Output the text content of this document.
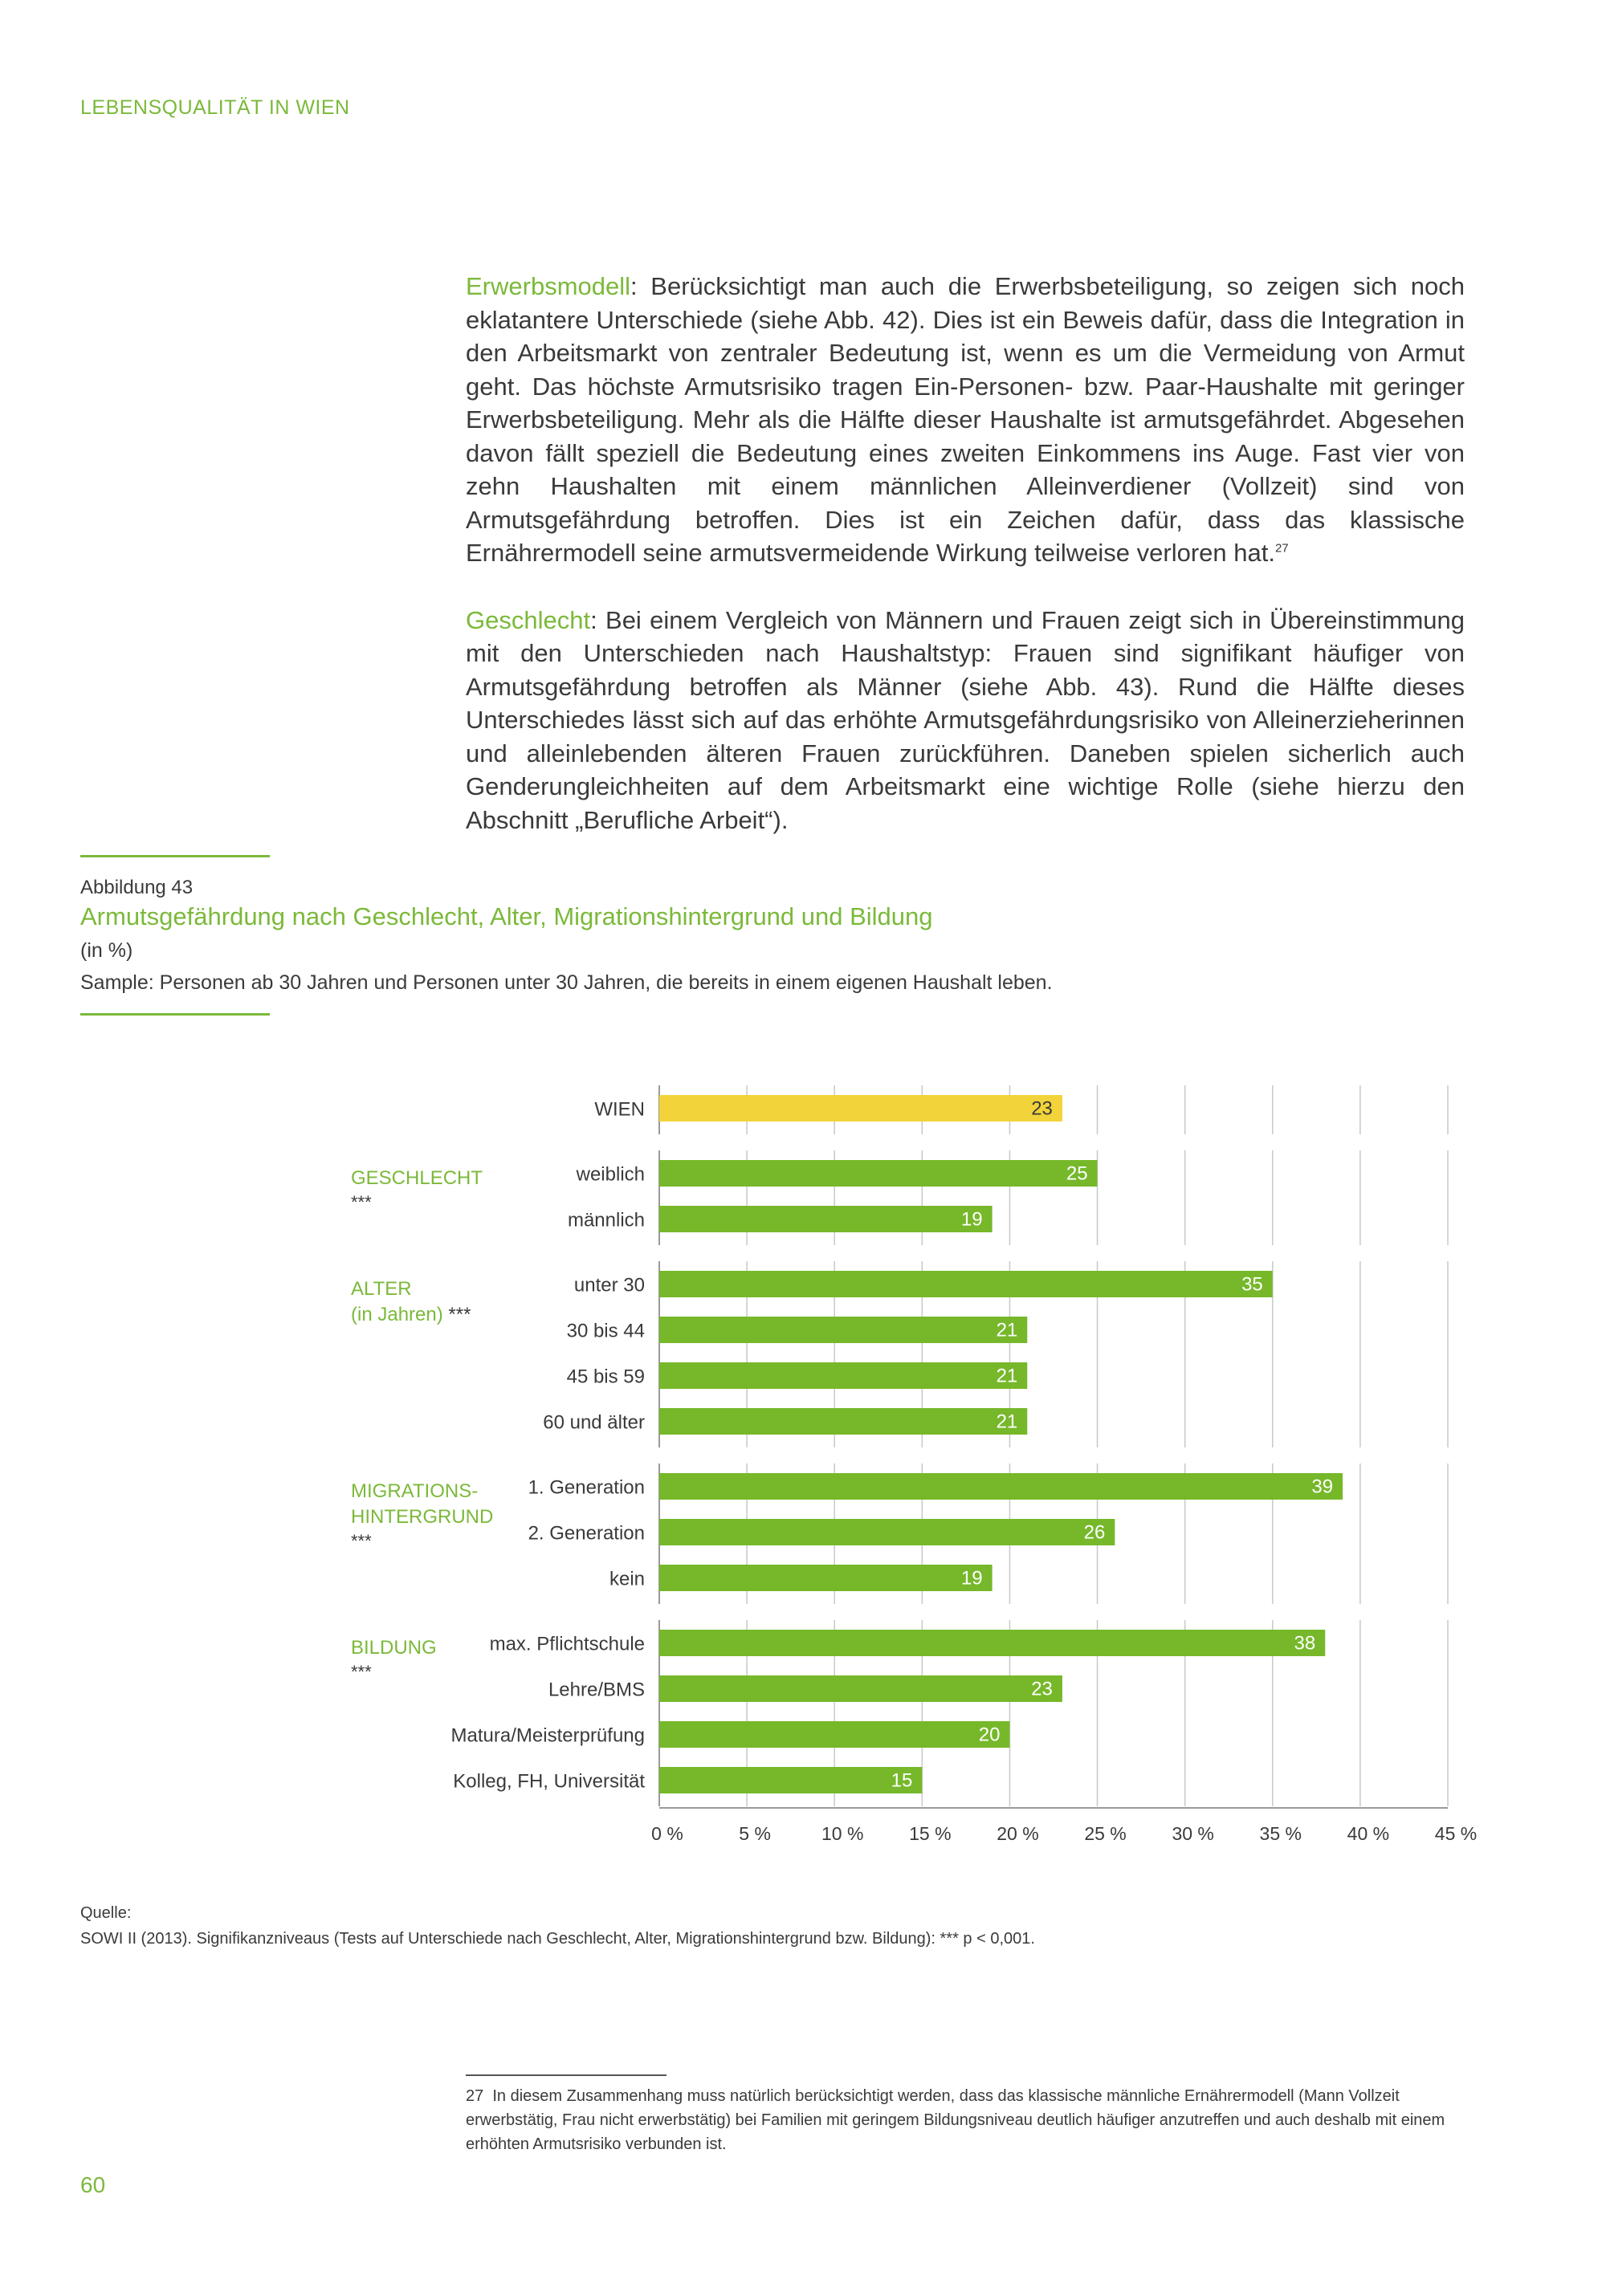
LEBENSQUALITÄT IN WIEN

Erwerbsmodell: Berücksichtigt man auch die Erwerbsbeteiligung, so zeigen sich noch eklatantere Unterschiede (siehe Abb. 42). Dies ist ein Beweis dafür, dass die Integration in den Arbeitsmarkt von zentraler Bedeutung ist, wenn es um die Vermeidung von Armut geht. Das höchste Armutsrisiko tragen Ein-Personen- bzw. Paar-Haushalte mit geringer Erwerbsbeteiligung. Mehr als die Hälfte dieser Haushalte ist armutsgefährdet. Abgesehen davon fällt speziell die Bedeutung eines zweiten Einkommens ins Auge. Fast vier von zehn Haushalten mit einem männlichen Alleinverdiener (Vollzeit) sind von Armutsgefährdung betroffen. Dies ist ein Zeichen dafür, dass das klassische Ernährermodell seine armutsvermeidende Wirkung teilweise verloren hat.$^{27}$

Geschlecht: Bei einem Vergleich von Männern und Frauen zeigt sich in Übereinstimmung mit den Unterschieden nach Haushaltstyp: Frauen sind signifikant häufiger von Armutsgefährdung betroffen als Männer (siehe Abb. 43). Rund die Hälfte dieses Unterschiedes lässt sich auf das erhöhte Armutsgefährdungsrisiko von Alleinerzieherinnen und alleinlebenden älteren Frauen zurückführen. Daneben spielen sicherlich auch Genderungleichheiten auf dem Arbeitsmarkt eine wichtige Rolle (siehe hierzu den Abschnitt „Berufliche Arbeit“).

Abbildung 43
Armutsgefährdung nach Geschlecht, Alter, Migrationshintergrund und Bildung
(in %)
Sample: Personen ab 30 Jahren und Personen unter 30 Jahren, die bereits in einem eigenen Haushalt leben.
23
WIEN
GESCHLECHT
***
25
weiblich
19
männlich
ALTER
(in Jahren) ***
35
unter 30
21
30 bis 44
21
45 bis 59
21
60 und älter
MIGRATIONS-
HINTERGRUND
***
39
1. Generation
26
2. Generation
19
kein
BILDUNG
***
38
max. Pflichtschule
23
Lehre/BMS
20
Matura/Meisterprüfung
15
Kolleg, FH, Universität
0 %	5 %	10 % 15 % 20 % 25 % 30 % 35 % 40 % 45 %
Quelle:
SOWI II (2013). Signifikanzniveaus (Tests auf Unterschiede nach Geschlecht, Alter, Migrationshintergrund bzw. Bildung): *** p < 0,001.
27 In diesem Zusammenhang muss natürlich berücksichtigt werden, dass das klassische männliche Ernährermodell (Mann Vollzeit erwerbstätig, Frau nicht erwerbstätig) bei Familien mit geringem Bildungsniveau deutlich häufiger anzutreffen und auch deshalb mit einem erhöhten Armutsrisiko verbunden ist.
60
